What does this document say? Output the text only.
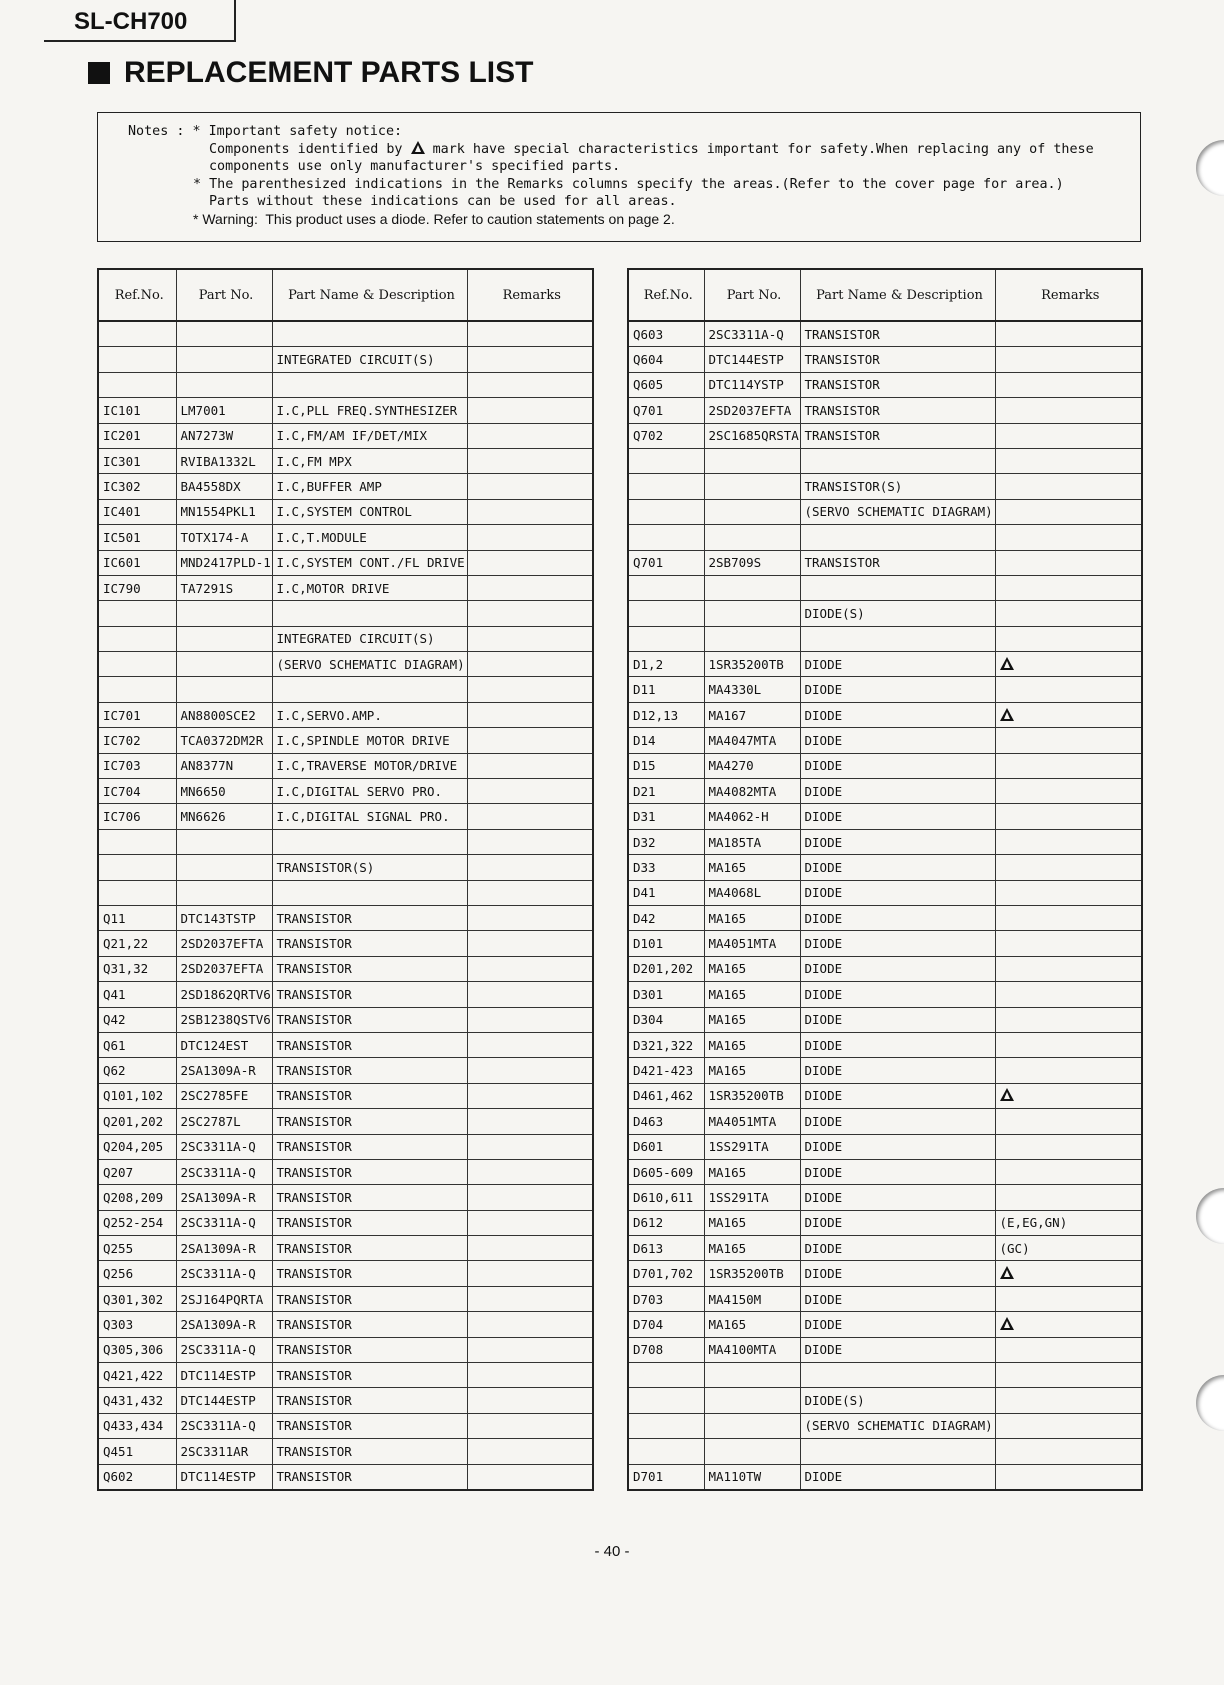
SL-CH700
REPLACEMENT PARTS LIST
Notes : * Important safety notice:
Components identified by mark have special characteristics important for safety.When replacing any of these
components use only manufacturer's specified parts.
* The parenthesized indications in the Remarks columns specify the areas.(Refer to the cover page for area.)
Parts without these indications can be used for all areas.
* Warning:  This product uses a diode. Refer to caution statements on page 2.
Ref.No.	Part No.	Part Name & Description	Remarks

		INTEGRATED CIRCUIT(S)	

IC101	LM7001	I.C,PLL FREQ.SYNTHESIZER	
IC201	AN7273W	I.C,FM/AM IF/DET/MIX	
IC301	RVIBA1332L	I.C,FM MPX	
IC302	BA4558DX	I.C,BUFFER AMP	
IC401	MN1554PKL1	I.C,SYSTEM CONTROL	
IC501	TOTX174-A	I.C,T.MODULE	
IC601	MND2417PLD-1	I.C,SYSTEM CONT./FL DRIVE	
IC790	TA7291S	I.C,MOTOR DRIVE	

		INTEGRATED CIRCUIT(S)	
		(SERVO SCHEMATIC DIAGRAM)	

IC701	AN8800SCE2	I.C,SERVO.AMP.	
IC702	TCA0372DM2R	I.C,SPINDLE MOTOR DRIVE	
IC703	AN8377N	I.C,TRAVERSE MOTOR/DRIVE	
IC704	MN6650	I.C,DIGITAL SERVO PRO.	
IC706	MN6626	I.C,DIGITAL SIGNAL PRO.	

		TRANSISTOR(S)	

Q11	DTC143TSTP	TRANSISTOR	
Q21,22	2SD2037EFTA	TRANSISTOR	
Q31,32	2SD2037EFTA	TRANSISTOR	
Q41	2SD1862QRTV6	TRANSISTOR	
Q42	2SB1238QSTV6	TRANSISTOR	
Q61	DTC124EST	TRANSISTOR	
Q62	2SA1309A-R	TRANSISTOR	
Q101,102	2SC2785FE	TRANSISTOR	
Q201,202	2SC2787L	TRANSISTOR	
Q204,205	2SC3311A-Q	TRANSISTOR	
Q207	2SC3311A-Q	TRANSISTOR	
Q208,209	2SA1309A-R	TRANSISTOR	
Q252-254	2SC3311A-Q	TRANSISTOR	
Q255	2SA1309A-R	TRANSISTOR	
Q256	2SC3311A-Q	TRANSISTOR	
Q301,302	2SJ164PQRTA	TRANSISTOR	
Q303	2SA1309A-R	TRANSISTOR	
Q305,306	2SC3311A-Q	TRANSISTOR	
Q421,422	DTC114ESTP	TRANSISTOR	
Q431,432	DTC144ESTP	TRANSISTOR	
Q433,434	2SC3311A-Q	TRANSISTOR	
Q451	2SC3311AR	TRANSISTOR	
Q602	DTC114ESTP	TRANSISTOR	
Ref.No.	Part No.	Part Name & Description	Remarks
Q603	2SC3311A-Q	TRANSISTOR	
Q604	DTC144ESTP	TRANSISTOR	
Q605	DTC114YSTP	TRANSISTOR	
Q701	2SD2037EFTA	TRANSISTOR	
Q702	2SC1685QRSTA	TRANSISTOR	

		TRANSISTOR(S)	
		(SERVO SCHEMATIC DIAGRAM)	

Q701	2SB709S	TRANSISTOR	

		DIODE(S)	

D1,2	1SR35200TB	DIODE	
D11	MA4330L	DIODE	
D12,13	MA167	DIODE	
D14	MA4047MTA	DIODE	
D15	MA4270	DIODE	
D21	MA4082MTA	DIODE	
D31	MA4062-H	DIODE	
D32	MA185TA	DIODE	
D33	MA165	DIODE	
D41	MA4068L	DIODE	
D42	MA165	DIODE	
D101	MA4051MTA	DIODE	
D201,202	MA165	DIODE	
D301	MA165	DIODE	
D304	MA165	DIODE	
D321,322	MA165	DIODE	
D421-423	MA165	DIODE	
D461,462	1SR35200TB	DIODE	
D463	MA4051MTA	DIODE	
D601	1SS291TA	DIODE	
D605-609	MA165	DIODE	
D610,611	1SS291TA	DIODE	
D612	MA165	DIODE	(E,EG,GN)
D613	MA165	DIODE	(GC)
D701,702	1SR35200TB	DIODE	
D703	MA4150M	DIODE	
D704	MA165	DIODE	
D708	MA4100MTA	DIODE	

		DIODE(S)	
		(SERVO SCHEMATIC DIAGRAM)	

D701	MA110TW	DIODE	
- 40 -
